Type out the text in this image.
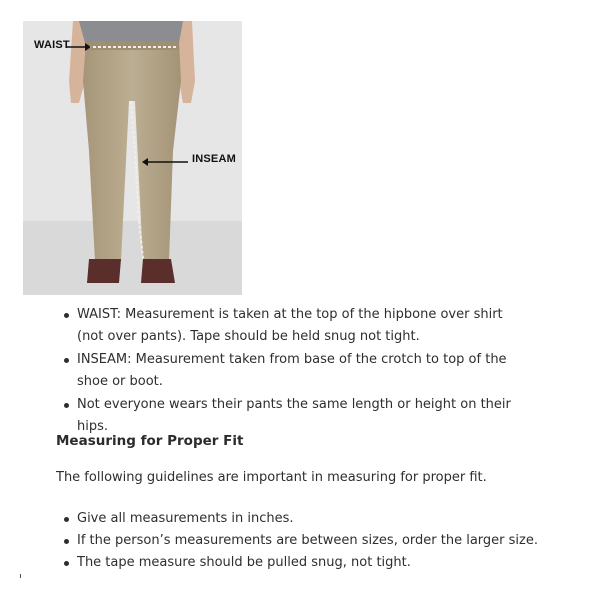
WAIST
INSEAM
WAIST: Measurement is taken at the top of the hipbone over shirt (not over pants). Tape should be held snug not tight.
INSEAM: Measurement taken from base of the crotch to top of the shoe or boot.
Not everyone wears their pants the same length or height on their hips.
Measuring for Proper Fit
The following guidelines are important in measuring for proper fit.
Give all measurements in inches.
If the person’s measurements are between sizes, order the larger size.
The tape measure should be pulled snug, not tight.
